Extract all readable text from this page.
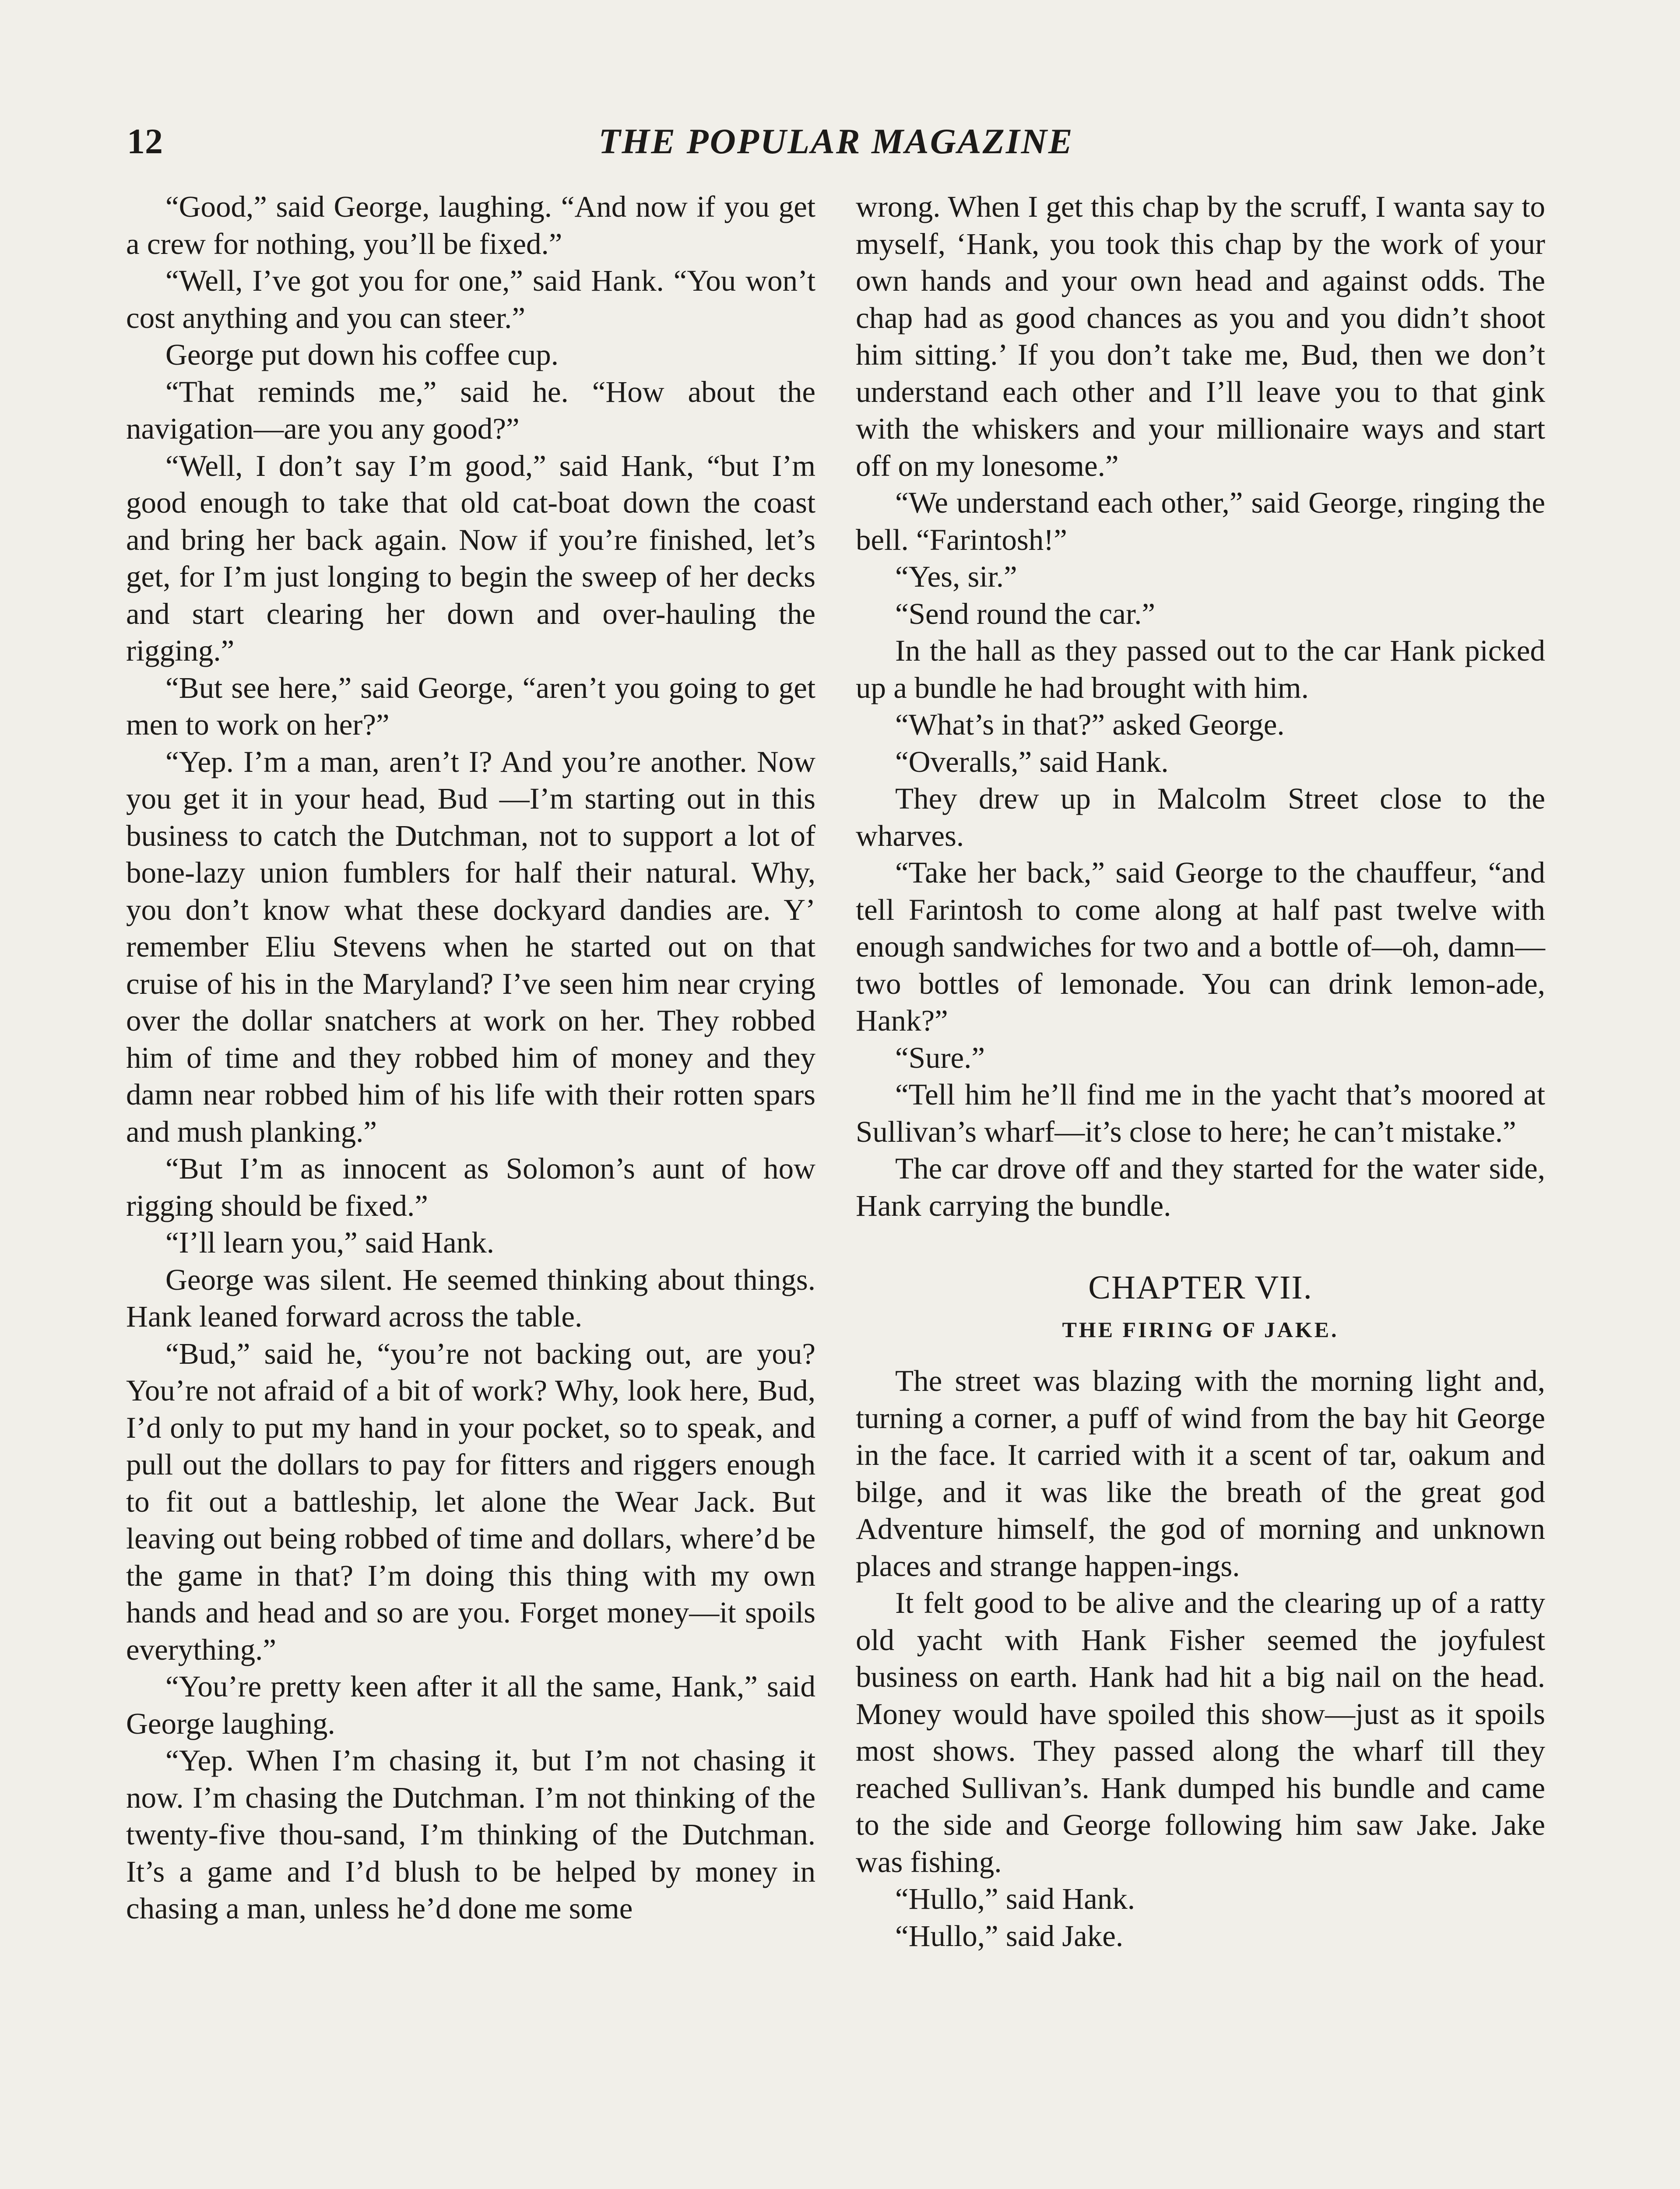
12	THE POPULAR MAGAZINE

“Good,” said George, laughing. “And now if you get a crew for nothing, you’ll be fixed.”

“Well, I’ve got you for one,” said Hank. “You won’t cost anything and you can steer.”

George put down his coffee cup.

“That reminds me,” said he. “How about the navigation—are you any good?”

“Well, I don’t say I’m good,” said Hank, “but I’m good enough to take that old cat-boat down the coast and bring her back again. Now if you’re finished, let’s get, for I’m just longing to begin the sweep of her decks and start clearing her down and over-hauling the rigging.”

“But see here,” said George, “aren’t you going to get men to work on her?”

“Yep. I’m a man, aren’t I? And you’re another. Now you get it in your head, Bud —I’m starting out in this business to catch the Dutchman, not to support a lot of bone-lazy union fumblers for half their natural. Why, you don’t know what these dockyard dandies are. Y’ remember Eliu Stevens when he started out on that cruise of his in the Maryland? I’ve seen him near crying over the dollar snatchers at work on her. They robbed him of time and they robbed him of money and they damn near robbed him of his life with their rotten spars and mush planking.”

“But I’m as innocent as Solomon’s aunt of how rigging should be fixed.”

“I’ll learn you,” said Hank.

George was silent. He seemed thinking about things. Hank leaned forward across the table.

“Bud,” said he, “you’re not backing out, are you? You’re not afraid of a bit of work? Why, look here, Bud, I’d only to put my hand in your pocket, so to speak, and pull out the dollars to pay for fitters and riggers enough to fit out a battleship, let alone the Wear Jack. But leaving out being robbed of time and dollars, where’d be the game in that? I’m doing this thing with my own hands and head and so are you. Forget money—it spoils everything.”

“You’re pretty keen after it all the same, Hank,” said George laughing.

“Yep. When I’m chasing it, but I’m not chasing it now. I’m chasing the Dutchman. I’m not thinking of the twenty-five thou-sand, I’m thinking of the Dutchman. It’s a game and I’d blush to be helped by money in chasing a man, unless he’d done me some

wrong. When I get this chap by the scruff, I wanta say to myself, ‘Hank, you took this chap by the work of your own hands and your own head and against odds. The chap had as good chances as you and you didn’t shoot him sitting.’ If you don’t take me, Bud, then we don’t understand each other and I’ll leave you to that gink with the whiskers and your millionaire ways and start off on my lonesome.”

“We understand each other,” said George, ringing the bell. “Farintosh!”

“Yes, sir.”

“Send round the car.”

In the hall as they passed out to the car Hank picked up a bundle he had brought with him.

“What’s in that?” asked George.

“Overalls,” said Hank.

They drew up in Malcolm Street close to the wharves.

“Take her back,” said George to the chauffeur, “and tell Farintosh to come along at half past twelve with enough sandwiches for two and a bottle of—oh, damn—two bottles of lemonade. You can drink lemon-ade, Hank?”

“Sure.”

“Tell him he’ll find me in the yacht that’s moored at Sullivan’s wharf—it’s close to here; he can’t mistake.”

The car drove off and they started for the water side, Hank carrying the bundle.

CHAPTER VII.
THE FIRING OF JAKE.

The street was blazing with the morning light and, turning a corner, a puff of wind from the bay hit George in the face. It carried with it a scent of tar, oakum and bilge, and it was like the breath of the great god Adventure himself, the god of morning and unknown places and strange happen-ings.

It felt good to be alive and the clearing up of a ratty old yacht with Hank Fisher seemed the joyfulest business on earth. Hank had hit a big nail on the head. Money would have spoiled this show—just as it spoils most shows. They passed along the wharf till they reached Sullivan’s. Hank dumped his bundle and came to the side and George following him saw Jake. Jake was fishing.

“Hullo,” said Hank.

“Hullo,” said Jake.
